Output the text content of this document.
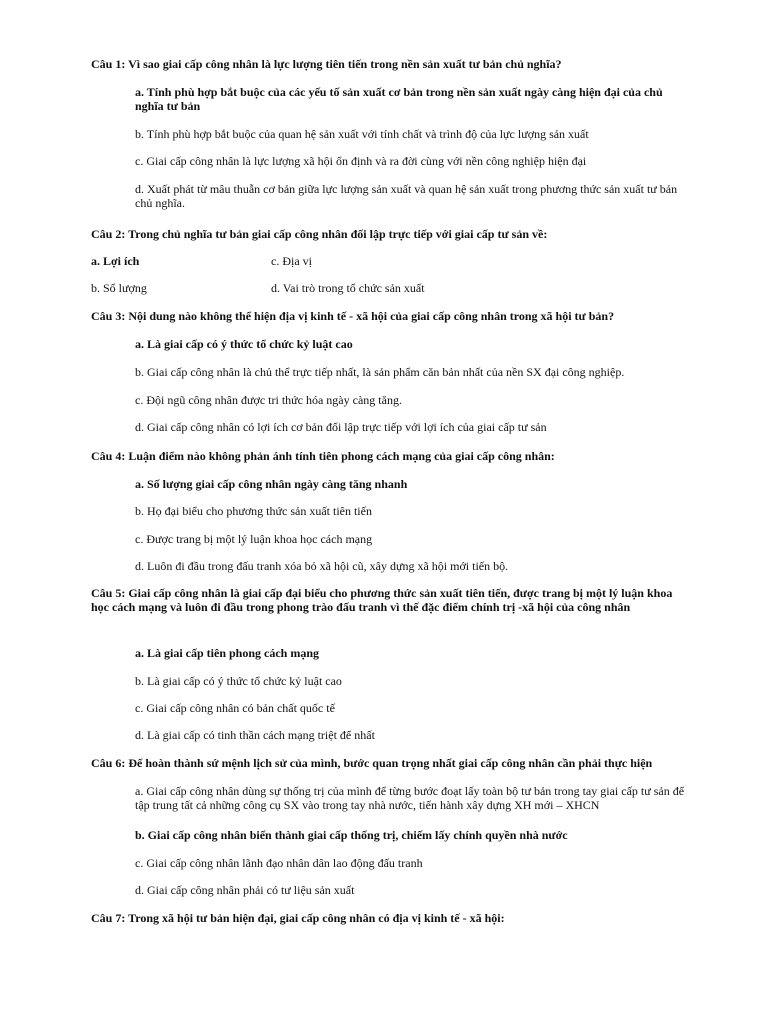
Câu 1: Vì sao giai cấp công nhân là lực lượng tiên tiến trong nền sản xuất tư bản chủ nghĩa?
a. Tính phù hợp bắt buộc của các yếu tố sản xuất cơ bản trong nền sản xuất ngày càng hiện đại của chủ nghĩa tư bản
b. Tính phù hợp bắt buộc của quan hệ sản xuất với tính chất và trình độ của lực lượng sản xuất
c. Giai cấp công nhân là lực lượng xã hội ổn định và ra đời cùng với nền công nghiệp hiện đại
d. Xuất phát từ mâu thuẫn cơ bản giữa lực lượng sản xuất và quan hệ sản xuất trong phương thức sản xuất tư bản chủ nghĩa.
Câu 2: Trong chủ nghĩa tư bản giai cấp công nhân đối lập trực tiếp với giai cấp tư sản về:
a. Lợi ích	c. Địa vị
b. Số lượng	d. Vai trò trong tổ chức sản xuất
Câu 3: Nội dung nào không thể hiện địa vị kinh tế - xã hội của giai cấp công nhân trong xã hội tư bản?
a. Là giai cấp có ý thức tổ chức kỷ luật cao
b. Giai cấp công nhân là chủ thể trực tiếp nhất, là sản phẩm căn bản nhất của nền SX đại công nghiệp.
c. Đội ngũ công nhân được tri thức hóa ngày càng tăng.
d. Giai cấp công nhân có lợi ích cơ bản đối lập trực tiếp với lợi ích của giai cấp tư sản
Câu 4: Luận điểm nào không phản ánh tính tiên phong cách mạng của giai cấp công nhân:
a. Số lượng giai cấp công nhân ngày càng tăng nhanh
b. Họ đại biểu cho phương thức sản xuất tiên tiến
c. Được trang bị một lý luận khoa học cách mạng
d. Luôn đi đầu trong đấu tranh xóa bỏ xã hội cũ, xây dựng xã hội mới tiến bộ.
Câu 5: Giai cấp công nhân là giai cấp đại biểu cho phương thức sản xuất tiên tiến, được trang bị một lý luận khoa học cách mạng và luôn đi đầu trong phong trào đấu tranh vì thế đặc điểm chính trị -xã hội của công nhân
a. Là giai cấp tiên phong cách mạng
b. Là giai cấp có ý thức tổ chức kỷ luật cao
c. Giai cấp công nhân có bản chất quốc tế
d. Là giai cấp có tinh thần cách mạng triệt để nhất
Câu 6: Để hoàn thành sứ mệnh lịch sử của mình, bước quan trọng nhất giai cấp công nhân cần phải thực hiện
a. Giai cấp công nhân dùng sự thống trị của mình để từng bước đoạt lấy toàn bộ tư bản trong tay giai cấp tư sản để tập trung tất cả những công cụ SX vào trong tay nhà nước, tiến hành xây dựng XH mới – XHCN
b. Giai cấp công nhân biến thành giai cấp thống trị, chiếm lấy chính quyền nhà nước
c. Giai cấp công nhân lãnh đạo nhân dân lao động đấu tranh
d. Giai cấp công nhân phải có tư liệu sản xuất
Câu 7: Trong xã hội tư bản hiện đại, giai cấp công nhân có địa vị kinh tế - xã hội:
